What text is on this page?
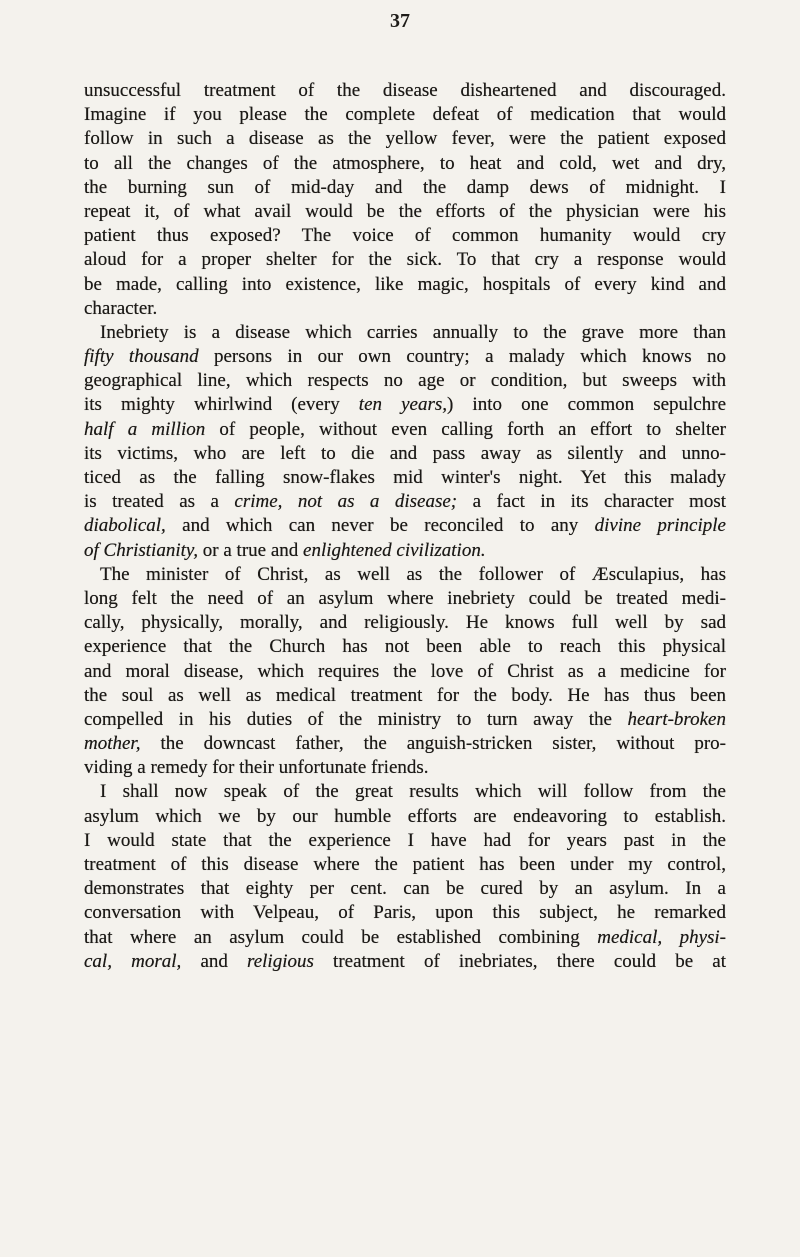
37
unsuccessful treatment of the disease disheartened and discouraged.
Imagine if you please the complete defeat of medication that would
follow in such a disease as the yellow fever, were the patient exposed
to all the changes of the atmosphere, to heat and cold, wet and dry,
the burning sun of mid-day and the damp dews of midnight. I
repeat it, of what avail would be the efforts of the physician were his
patient thus exposed? The voice of common humanity would cry
aloud for a proper shelter for the sick. To that cry a response would
be made, calling into existence, like magic, hospitals of every kind and
character.
Inebriety is a disease which carries annually to the grave more than
fifty thousand persons in our own country; a malady which knows no
geographical line, which respects no age or condition, but sweeps with
its mighty whirlwind (every ten years,) into one common sepulchre
half a million of people, without even calling forth an effort to shelter
its victims, who are left to die and pass away as silently and unno-
ticed as the falling snow-flakes mid winter's night. Yet this malady
is treated as a crime, not as a disease; a fact in its character most
diabolical, and which can never be reconciled to any divine principle
of Christianity, or a true and enlightened civilization.
The minister of Christ, as well as the follower of Æsculapius, has
long felt the need of an asylum where inebriety could be treated medi-
cally, physically, morally, and religiously. He knows full well by sad
experience that the Church has not been able to reach this physical
and moral disease, which requires the love of Christ as a medicine for
the soul as well as medical treatment for the body. He has thus been
compelled in his duties of the ministry to turn away the heart-broken
mother, the downcast father, the anguish-stricken sister, without pro-
viding a remedy for their unfortunate friends.
I shall now speak of the great results which will follow from the
asylum which we by our humble efforts are endeavoring to establish.
I would state that the experience I have had for years past in the
treatment of this disease where the patient has been under my control,
demonstrates that eighty per cent. can be cured by an asylum. In a
conversation with Velpeau, of Paris, upon this subject, he remarked
that where an asylum could be established combining medical, physi-
cal, moral, and religious treatment of inebriates, there could be at
